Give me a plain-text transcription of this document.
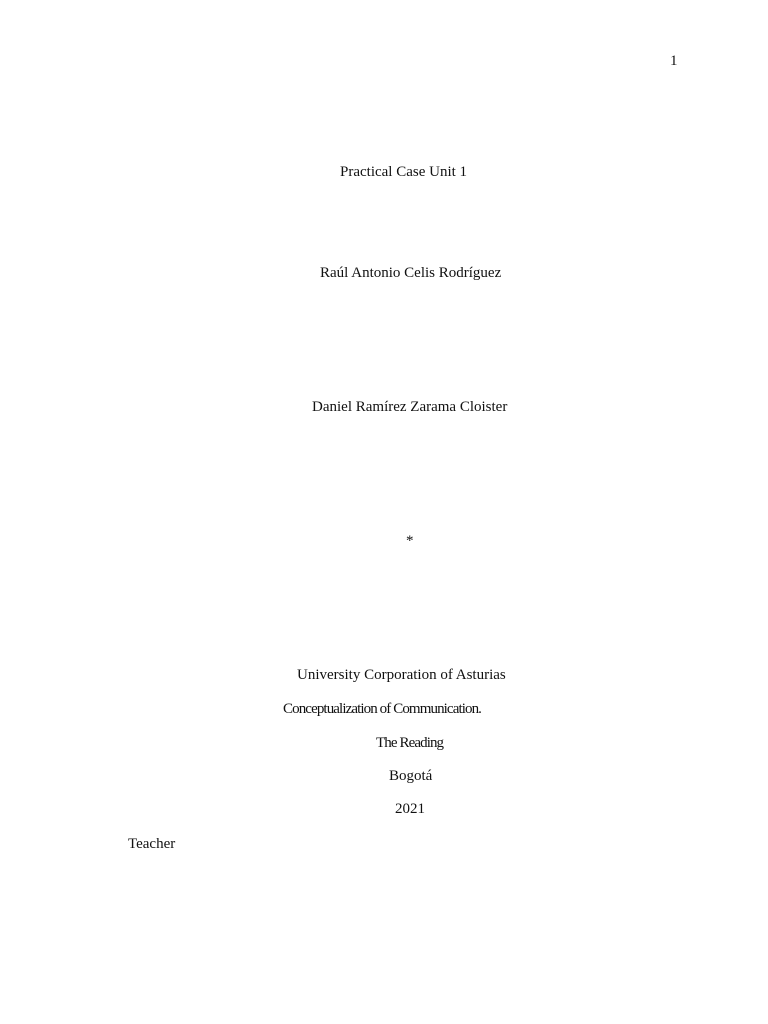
1
Practical Case Unit 1
Raúl Antonio Celis Rodríguez
Daniel Ramírez Zarama Cloister
*
University Corporation of Asturias
Conceptualization of Communication.
The Reading
Bogotá
2021
Teacher
